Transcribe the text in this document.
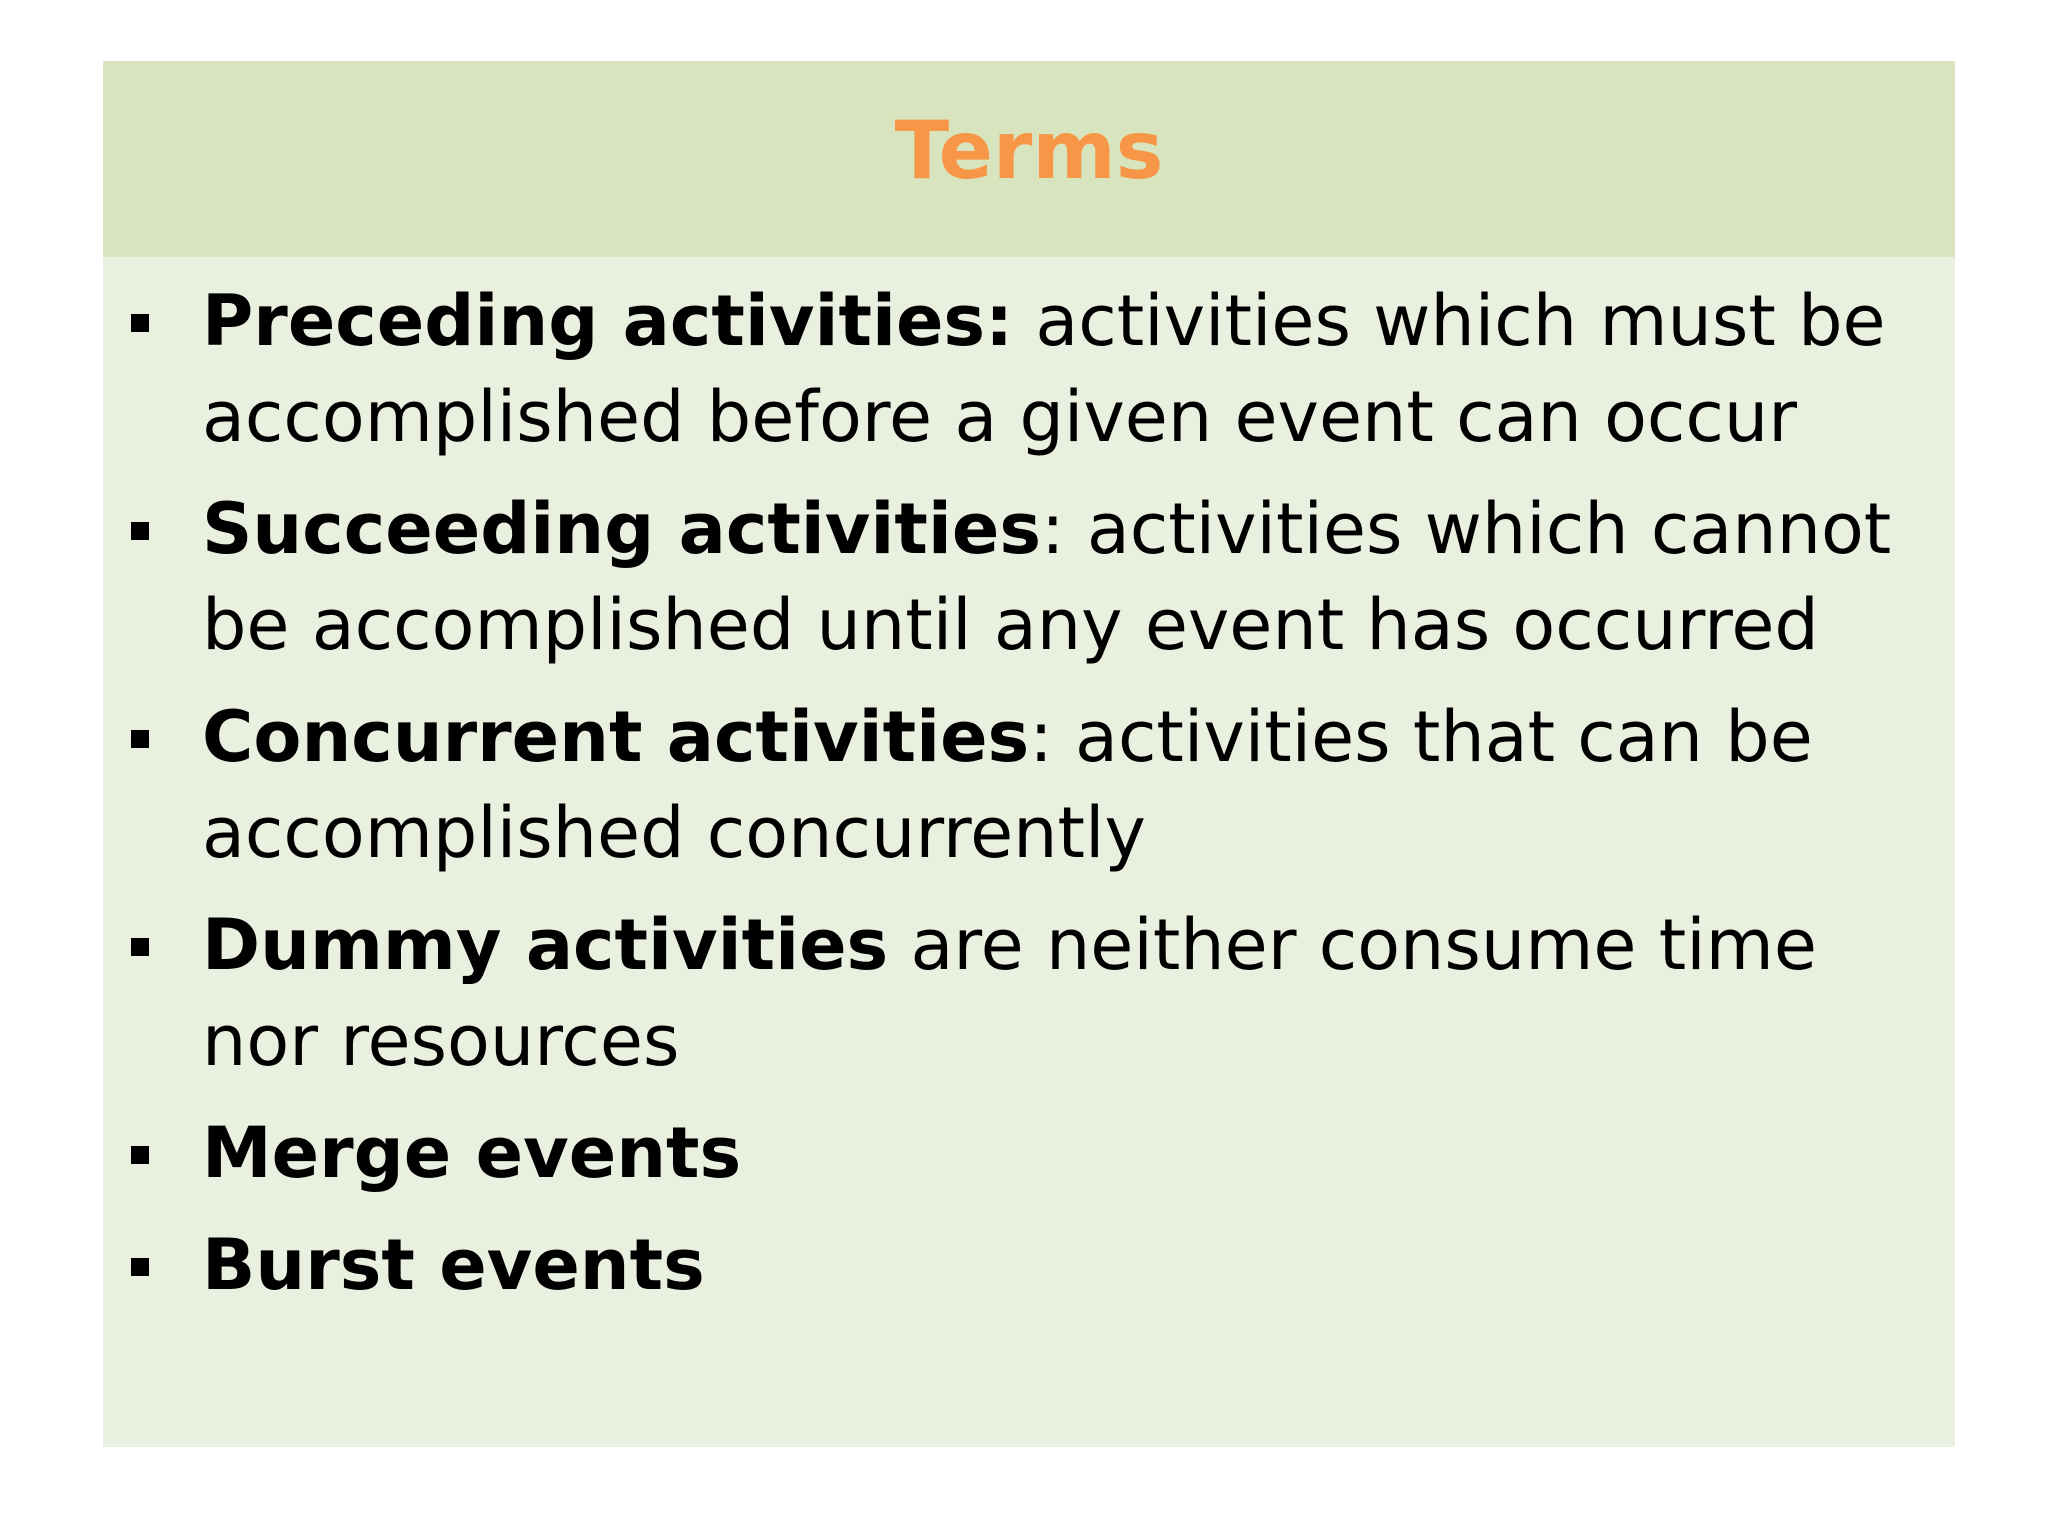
Terms
Preceding activities: activities which must be accomplished before a given event can occur
Succeeding activities: activities which cannot be accomplished until any event has occurred
Concurrent activities: activities that can be accomplished concurrently
Dummy activities are neither consume time nor resources
Merge events
Burst events
